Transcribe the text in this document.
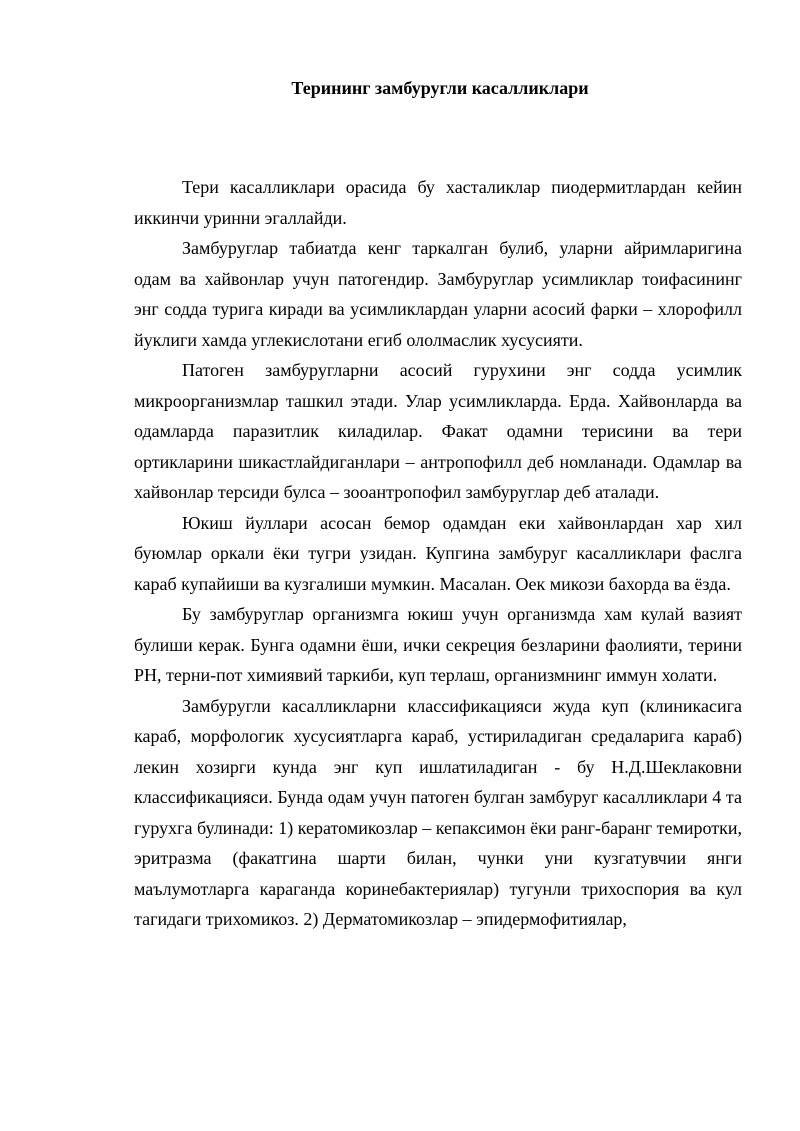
Терининг замбуругли касалликлари

Тери касалликлари орасида бу хасталиклар пиодермитлардан кейин иккинчи уринни эгаллайди.

Замбуруглар табиатда кенг таркалган булиб, уларни айримларигина одам ва хайвонлар учун патогендир. Замбуруглар усимликлар тоифасининг энг содда турига киради ва усимликлардан уларни асосий фарки – хлорофилл йуклиги хамда углекислотани егиб ололмаслик хусусияти.

Патоген замбуругларни асосий гурухини энг содда усимлик микроорганизмлар ташкил этади. Улар усимликларда. Ерда. Хайвонларда ва одамларда паразитлик киладилар. Факат одамни терисини ва тери ортикларини шикастлайдиганлари – антропофилл деб номланади. Одамлар ва хайвонлар терсиди булса – зооантропофил замбуруглар деб аталади.

Юкиш йуллари асосан бемор одамдан еки хайвонлардан хар хил буюмлар оркали ёки тугри узидан. Купгина замбуруг касалликлари фаслга караб купайиши ва кузгалиши мумкин. Масалан. Оек микози бахорда ва ёзда.

Бу замбуруглар организмга юкиш учун организмда хам кулай вазият булиши керак. Бунга одамни ёши, ички секреция безларини фаолияти, терини РН, терни-пот химиявий таркиби, куп терлаш, организмнинг иммун холати.

Замбуругли касалликларни классификацияси жуда куп (клиникасига караб, морфологик хусусиятларга караб, устириладиган средаларига караб) лекин хозирги кунда энг куп ишлатиладиган - бу Н.Д.Шеклаковни классификацияси. Бунда одам учун патоген булган замбуруг касалликлари 4 та гурухга булинади: 1) кератомикозлар – кепаксимон ёки ранг-баранг темиротки, эритразма (факатгина шарти билан, чунки уни кузгатувчии янги маълумотларга караганда коринебактериялар) тугунли трихоспория ва кул тагидаги трихомикоз. 2) Дерматомикозлар – эпидермофитиялар,
